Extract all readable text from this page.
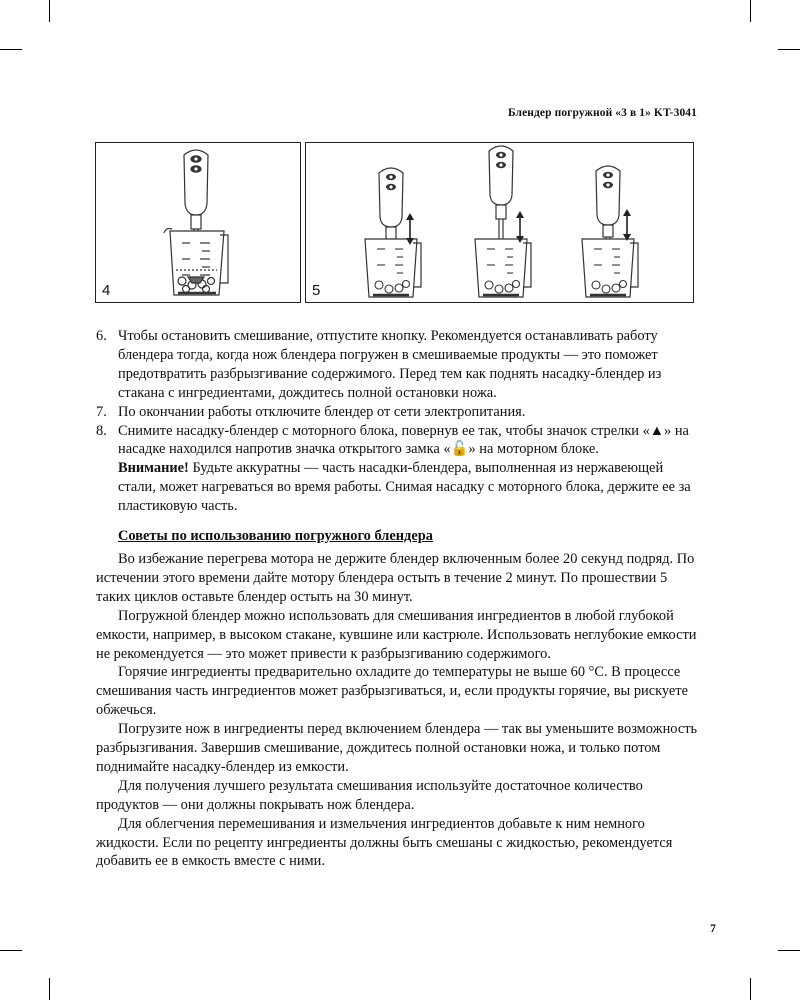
Блендер погружной «3 в 1» KT-3041
4	5
6. Чтобы остановить смешивание, отпустите кнопку. Рекомендуется останавливать работу блендера тогда, когда нож блендера погружен в смешиваемые продукты — это поможет предотвратить разбрызгивание содержимого. Перед тем как поднять насадку-блендер из стакана с ингредиентами, дождитесь полной остановки ножа.

7. По окончании работы отключите блендер от сети электропитания.

8. Снимите насадку-блендер с моторного блока, повернув ее так, чтобы значок стрелки «▲» на насадке находился напротив значка открытого замка «🔓» на моторном блоке.

Внимание! Будьте аккуратны — часть насадки-блендера, выполненная из нержавеющей стали, может нагреваться во время работы. Снимая насадку с моторного блока, держите ее за пластиковую часть.

Советы по использованию погружного блендера

Во избежание перегрева мотора не держите блендер включенным более 20 секунд подряд. По истечении этого времени дайте мотору блендера остыть в течение 2 минут. По прошествии 5 таких циклов оставьте блендер остыть на 30 минут.

Погружной блендер можно использовать для смешивания ингредиентов в любой глубокой емкости, например, в высоком стакане, кувшине или кастрюле. Использовать неглубокие емкости не рекомендуется — это может привести к разбрызгиванию содержимого.

Горячие ингредиенты предварительно охладите до температуры не выше 60 °С. В процессе смешивания часть ингредиентов может разбрызгиваться, и, если продукты горячие, вы рискуете обжечься.

Погрузите нож в ингредиенты перед включением блендера — так вы уменьшите возможность разбрызгивания. Завершив смешивание, дождитесь полной остановки ножа, и только потом поднимайте насадку-блендер из емкости.

Для получения лучшего результата смешивания используйте достаточное количество продуктов — они должны покрывать нож блендера.

Для облегчения перемешивания и измельчения ингредиентов добавьте к ним немного жидкости. Если по рецепту ингредиенты должны быть смешаны с жидкостью, рекомендуется добавить ее в емкость вместе с ними.

7
